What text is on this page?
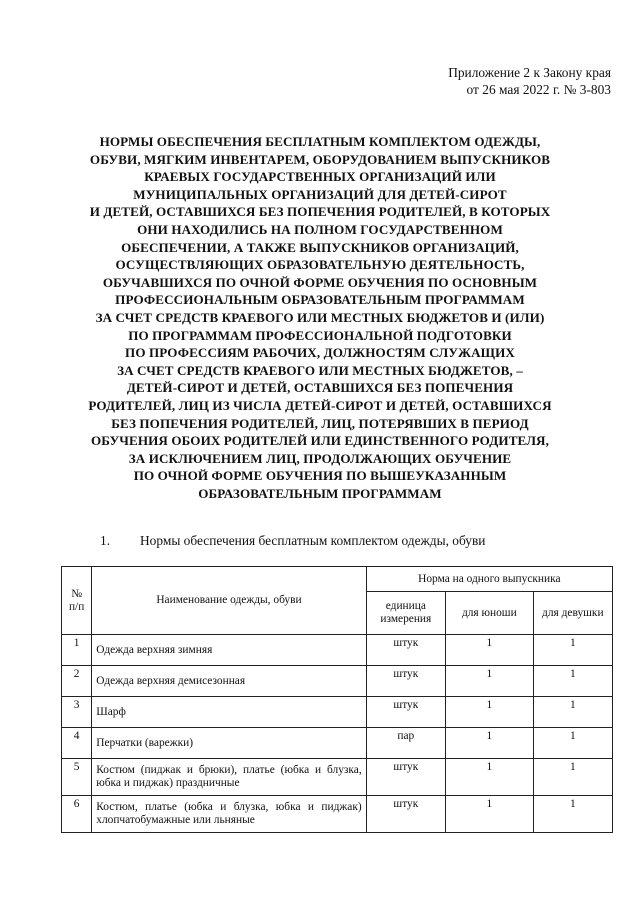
Приложение 2 к Закону края
от 26 мая 2022 г. № 3-803
НОРМЫ ОБЕСПЕЧЕНИЯ БЕСПЛАТНЫМ КОМПЛЕКТОМ ОДЕЖДЫ,
ОБУВИ, МЯГКИМ ИНВЕНТАРЕМ, ОБОРУДОВАНИЕМ ВЫПУСКНИКОВ
КРАЕВЫХ ГОСУДАРСТВЕННЫХ ОРГАНИЗАЦИЙ ИЛИ
МУНИЦИПАЛЬНЫХ ОРГАНИЗАЦИЙ ДЛЯ ДЕТЕЙ-СИРОТ
И ДЕТЕЙ, ОСТАВШИХСЯ БЕЗ ПОПЕЧЕНИЯ РОДИТЕЛЕЙ, В КОТОРЫХ
ОНИ НАХОДИЛИСЬ НА ПОЛНОМ ГОСУДАРСТВЕННОМ
ОБЕСПЕЧЕНИИ, А ТАКЖЕ ВЫПУСКНИКОВ ОРГАНИЗАЦИЙ,
ОСУЩЕСТВЛЯЮЩИХ ОБРАЗОВАТЕЛЬНУЮ ДЕЯТЕЛЬНОСТЬ,
ОБУЧАВШИХСЯ ПО ОЧНОЙ ФОРМЕ ОБУЧЕНИЯ ПО ОСНОВНЫМ
ПРОФЕССИОНАЛЬНЫМ ОБРАЗОВАТЕЛЬНЫМ ПРОГРАММАМ
ЗА СЧЕТ СРЕДСТВ КРАЕВОГО ИЛИ МЕСТНЫХ БЮДЖЕТОВ И (ИЛИ)
ПО ПРОГРАММАМ ПРОФЕССИОНАЛЬНОЙ ПОДГОТОВКИ
ПО ПРОФЕССИЯМ РАБОЧИХ, ДОЛЖНОСТЯМ СЛУЖАЩИХ
ЗА СЧЕТ СРЕДСТВ КРАЕВОГО ИЛИ МЕСТНЫХ БЮДЖЕТОВ, –
ДЕТЕЙ-СИРОТ И ДЕТЕЙ, ОСТАВШИХСЯ БЕЗ ПОПЕЧЕНИЯ
РОДИТЕЛЕЙ, ЛИЦ ИЗ ЧИСЛА ДЕТЕЙ-СИРОТ И ДЕТЕЙ, ОСТАВШИХСЯ
БЕЗ ПОПЕЧЕНИЯ РОДИТЕЛЕЙ, ЛИЦ, ПОТЕРЯВШИХ В ПЕРИОД
ОБУЧЕНИЯ ОБОИХ РОДИТЕЛЕЙ ИЛИ ЕДИНСТВЕННОГО РОДИТЕЛЯ,
ЗА ИСКЛЮЧЕНИЕМ ЛИЦ, ПРОДОЛЖАЮЩИХ ОБУЧЕНИЕ
ПО ОЧНОЙ ФОРМЕ ОБУЧЕНИЯ ПО ВЫШЕУКАЗАННЫМ
ОБРАЗОВАТЕЛЬНЫМ ПРОГРАММАМ
1. Нормы обеспечения бесплатным комплектом одежды, обуви
№
п/п	Наименование одежды, обуви	Норма на одного выпускника		
		единица измерения	для юноши	для девушки
1	Одежда верхняя зимняя	штук	1	1
2	Одежда верхняя демисезонная	штук	1	1
3	Шарф	штук	1	1
4	Перчатки (варежки)	пар	1	1
5	Костюм (пиджак и брюки), платье (юбка и блузка, юбка и пиджак) праздничные	штук	1	1
6	Костюм, платье (юбка и блузка, юбка и пиджак) хлопчатобумажные или льняные	штук	1	1
